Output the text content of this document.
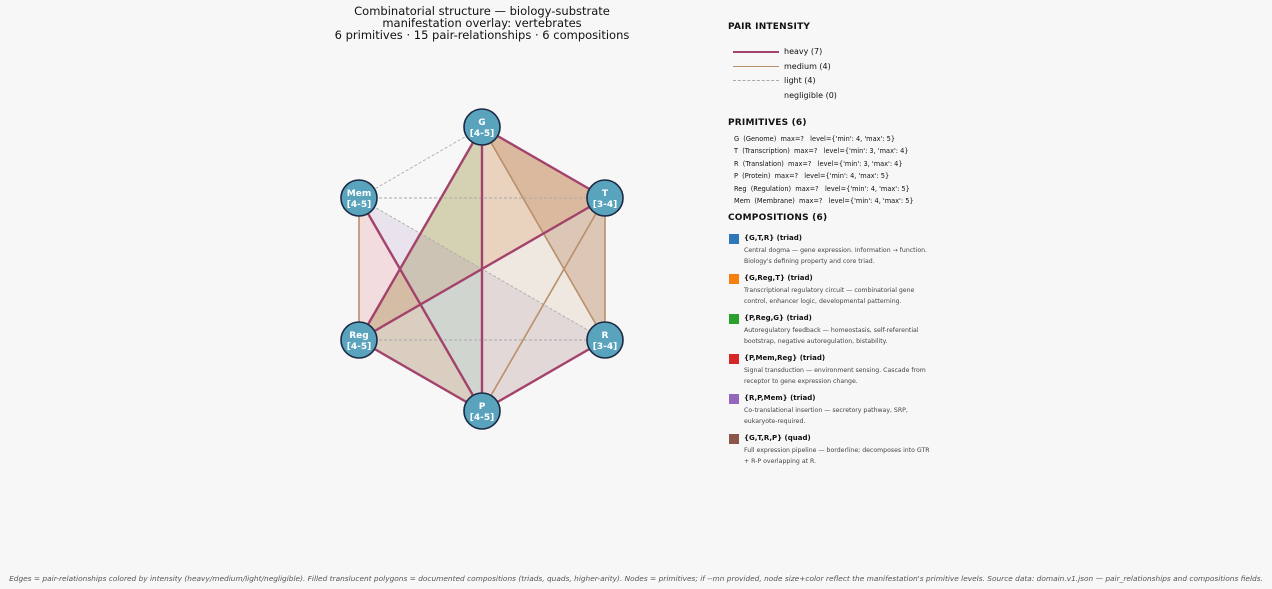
Combinatorial structure — biology-substrate
manifestation overlay: vertebrates
6 primitives · 15 pair-relationships · 6 compositions
G
[4-5]
T
[3-4]
R
[3-4]
P
[4-5]
Reg
[4-5]
Mem
[4-5]
PAIR INTENSITY
heavy (7)
medium (4)
light (4)
negligible (0)
PRIMITIVES (6)
G  (Genome)  max=?   level={'min': 4, 'max': 5}
T  (Transcription)  max=?   level={'min': 3, 'max': 4}
R  (Translation)  max=?   level={'min': 3, 'max': 4}
P  (Protein)  max=?   level={'min': 4, 'max': 5}
Reg  (Regulation)  max=?   level={'min': 4, 'max': 5}
Mem  (Membrane)  max=?   level={'min': 4, 'max': 5}
COMPOSITIONS (6)
{G,T,R} (triad)
Central dogma — gene expression. Information → function.
Biology's defining property and core triad.
{G,Reg,T} (triad)
Transcriptional regulatory circuit — combinatorial gene
control, enhancer logic, developmental patterning.
{P,Reg,G} (triad)
Autoregulatory feedback — homeostasis, self-referential
bootstrap, negative autoregulation, bistability.
{P,Mem,Reg} (triad)
Signal transduction — environment sensing. Cascade from
receptor to gene expression change.
{R,P,Mem} (triad)
Co-translational insertion — secretory pathway, SRP,
eukaryote-required.
{G,T,R,P} (quad)
Full expression pipeline — borderline; decomposes into GTR
+ R-P overlapping at R.
Edges = pair-relationships colored by intensity (heavy/medium/light/negligible). Filled translucent polygons = documented compositions (triads, quads, higher-arity). Nodes = primitives; if --mn provided, node size+color reflect the manifestation's primitive levels. Source data: domain.v1.json — pair_relationships and compositions fields.
